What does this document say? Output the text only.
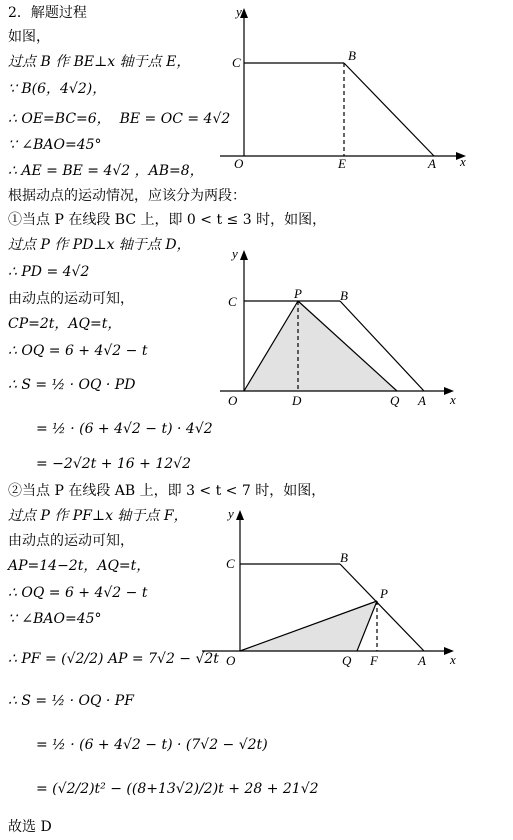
2．解题过程
如图，
过点 B 作 BE⊥x 轴于点 E，
∵ B(6，4√2)，
∴ OE=BC=6，  BE = OC = 4√2
∵ ∠BAO=45°
∴ AE = BE = 4√2 ，AB=8，
根据动点的运动情况，应该分为两段：
①当点 P 在线段 BC 上，即 0 < t ≤ 3 时，如图，
过点 P 作 PD⊥x 轴于点 D，
∴ PD = 4√2
由动点的运动可知，
CP=2t，AQ=t，
∴ OQ = 6 + 4√2 − t
∴ S = ½ · OQ · PD
= ½ · (6 + 4√2 − t) · 4√2
= −2√2t + 16 + 12√2
②当点 P 在线段 AB 上，即 3 < t < 7 时，如图，
过点 P 作 PF⊥x 轴于点 F，
由动点的运动可知，
AP=14−2t，AQ=t，
∴ OQ = 6 + 4√2 − t
∵ ∠BAO=45°
∴ PF = (√2/2) AP = 7√2 − √2t
∴ S = ½ · OQ · PF
= ½ · (6 + 4√2 − t) · (7√2 − √2t)
= (√2/2)t² − ((8+13√2)/2)t + 28 + 21√2
故选 D
y
x
C	B
O	E	A
y
x
C
P	B
O	D	Q A
y
x
C	B
P
O	Q F	A
